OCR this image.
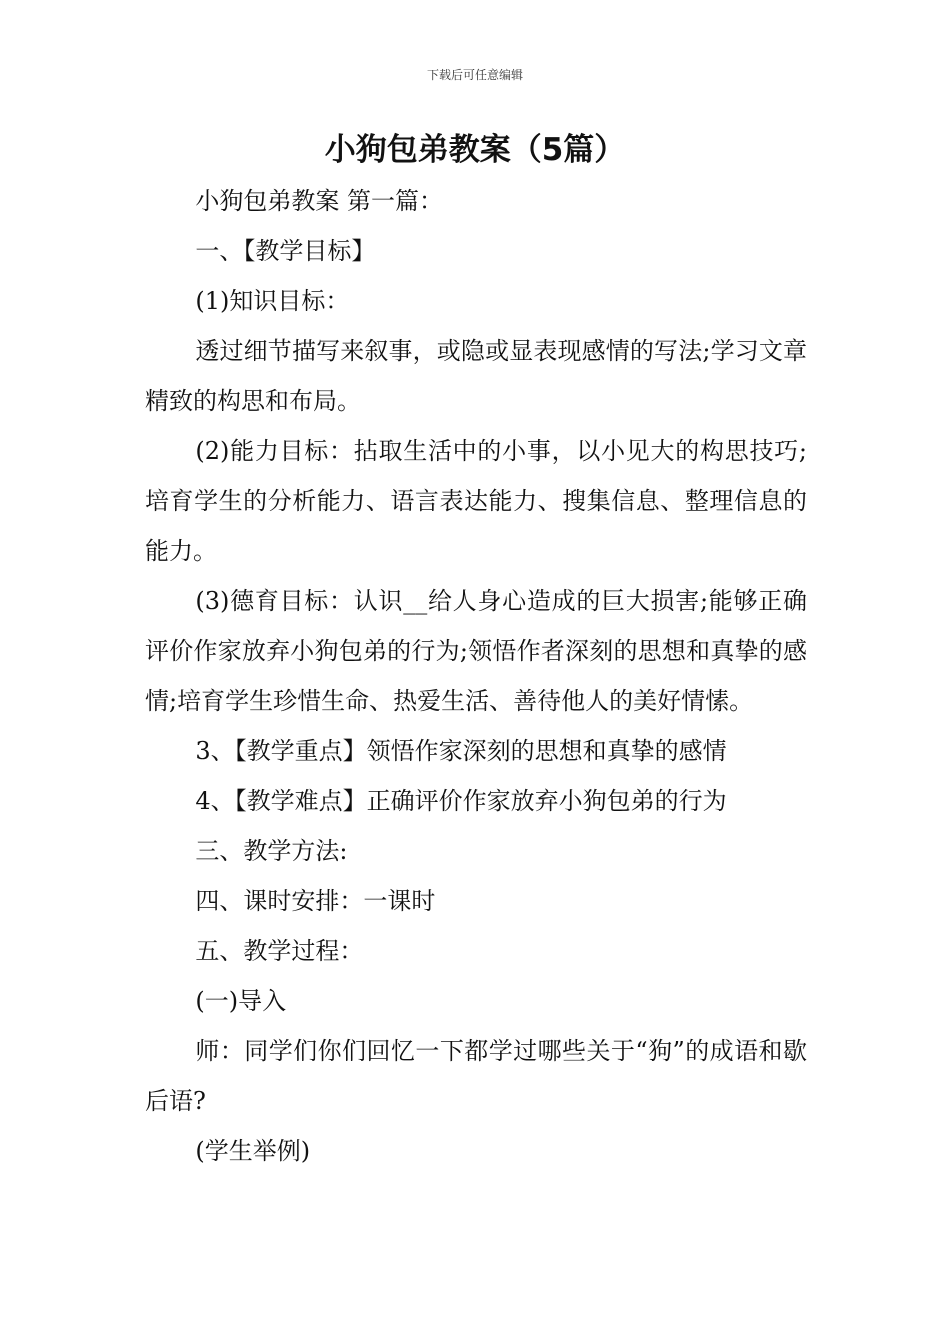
下载后可任意编辑
小狗包弟教案（5篇）

小狗包弟教案 第一篇：

一、【教学目标】

(1)知识目标：

透过细节描写来叙事，或隐或显表现感情的写法;学习文章精致的构思和布局。

(2)能力目标：拈取生活中的小事，以小见大的构思技巧;培育学生的分析能力、语言表达能力、搜集信息、整理信息的能力。

(3)德育目标：认识__给人身心造成的巨大损害;能够正确评价作家放弃小狗包弟的行为;领悟作者深刻的思想和真挚的感情;培育学生珍惜生命、热爱生活、善待他人的美好情愫。

3、【教学重点】领悟作家深刻的思想和真挚的感情

4、【教学难点】正确评价作家放弃小狗包弟的行为

三、教学方法:

四、课时安排：一课时

五、教学过程：

(一)导入

师：同学们你们回忆一下都学过哪些关于“狗”的成语和歇后语?

(学生举例)
